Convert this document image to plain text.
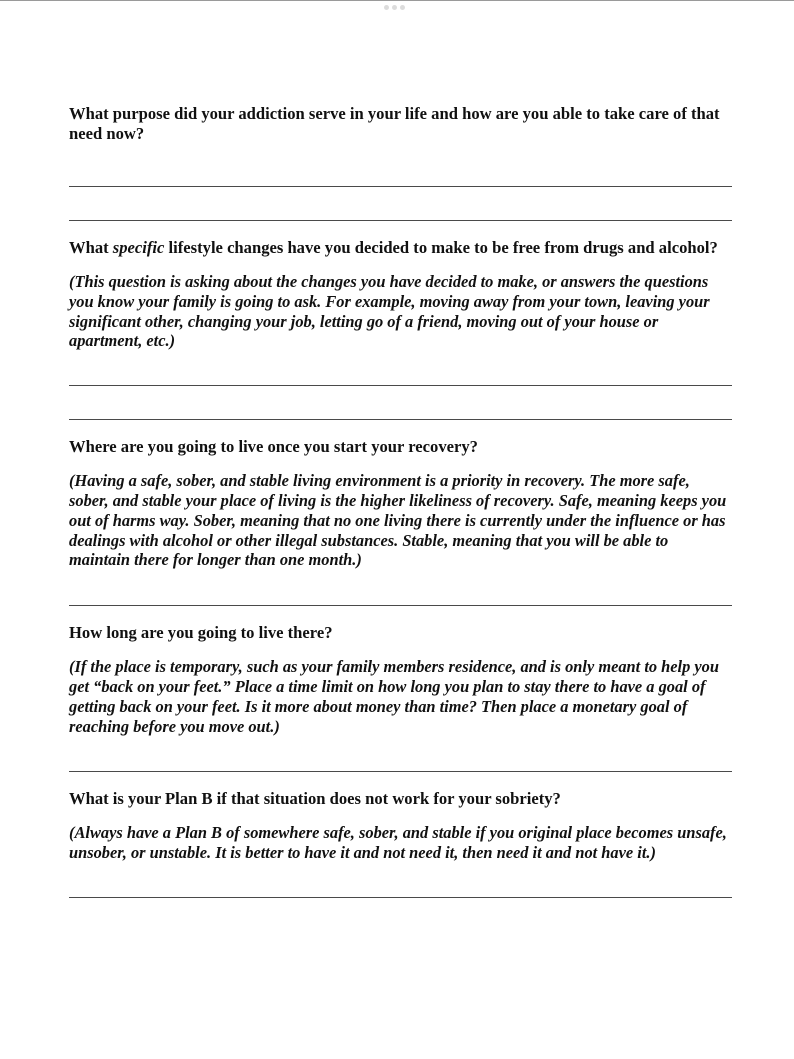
What purpose did your addiction serve in your life and how are you able to take care of that need now?

What specific lifestyle changes have you decided to make to be free from drugs and alcohol?

(This question is asking about the changes you have decided to make, or answers the questions you know your family is going to ask. For example, moving away from your town, leaving your significant other, changing your job, letting go of a friend, moving out of your house or apartment, etc.)

Where are you going to live once you start your recovery?

(Having a safe, sober, and stable living environment is a priority in recovery. The more safe, sober, and stable your place of living is the higher likeliness of recovery. Safe, meaning keeps you out of harms way. Sober, meaning that no one living there is currently under the influence or has dealings with alcohol or other illegal substances. Stable, meaning that you will be able to maintain there for longer than one month.)

How long are you going to live there?

(If the place is temporary, such as your family members residence, and is only meant to help you get “back on your feet.” Place a time limit on how long you plan to stay there to have a goal of getting back on your feet. Is it more about money than time? Then place a monetary goal of reaching before you move out.)

What is your Plan B if that situation does not work for your sobriety?

(Always have a Plan B of somewhere safe, sober, and stable if you original place becomes unsafe, unsober, or unstable. It is better to have it and not need it, then need it and not have it.)
